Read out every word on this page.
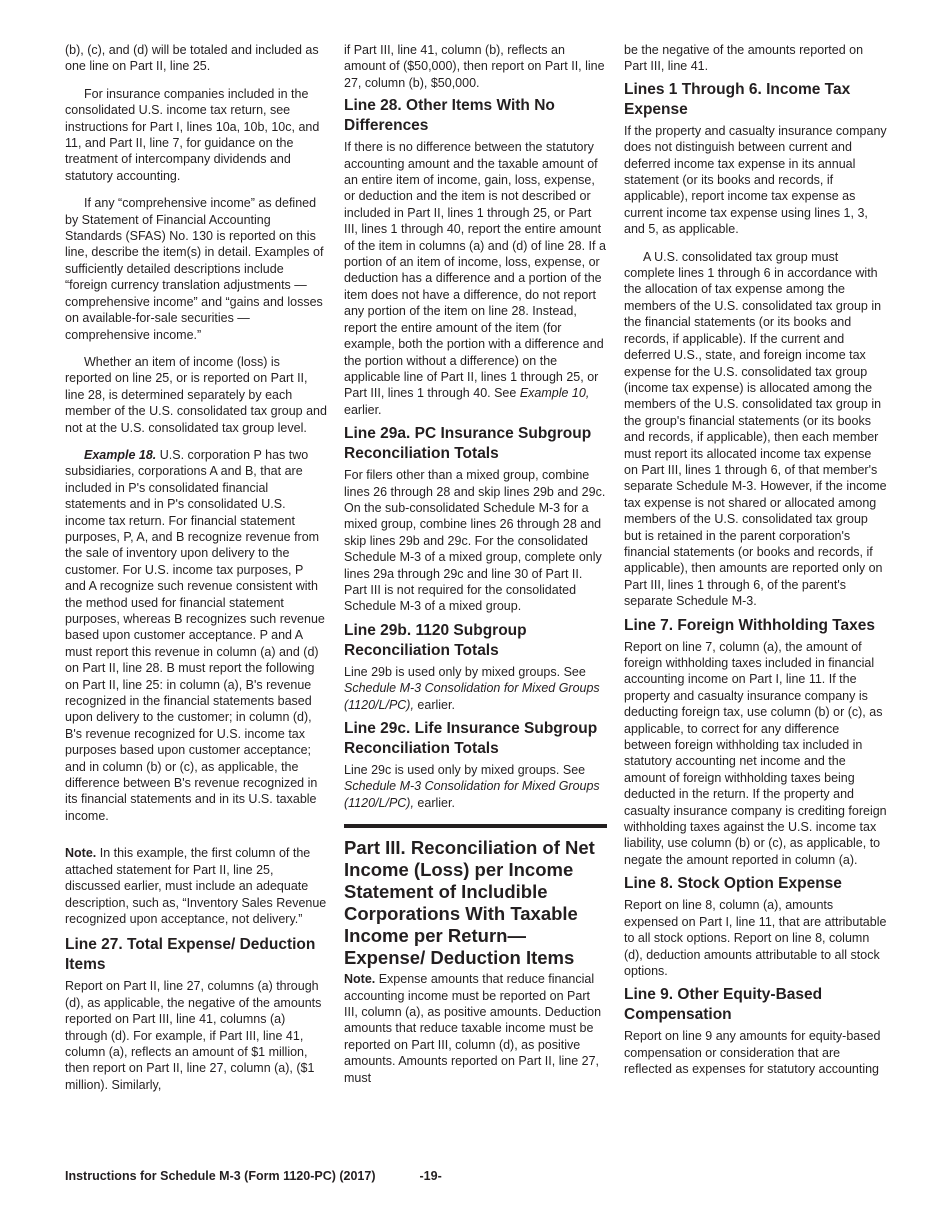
(b), (c), and (d) will be totaled and included as one line on Part II, line 25.

For insurance companies included in the consolidated U.S. income tax return, see instructions for Part I, lines 10a, 10b, 10c, and 11, and Part II, line 7, for guidance on the treatment of intercompany dividends and statutory accounting.

If any “comprehensive income” as defined by Statement of Financial Accounting Standards (SFAS) No. 130 is reported on this line, describe the item(s) in detail. Examples of sufficiently detailed descriptions include “foreign currency translation adjustments — comprehensive income” and “gains and losses on available-for-sale securities — comprehensive income.”

Whether an item of income (loss) is reported on line 25, or is reported on Part II, line 28, is determined separately by each member of the U.S. consolidated tax group and not at the U.S. consolidated tax group level.

Example 18. U.S. corporation P has two subsidiaries, corporations A and B, that are included in P's consolidated financial statements and in P's consolidated U.S. income tax return. For financial statement purposes, P, A, and B recognize revenue from the sale of inventory upon delivery to the customer. For U.S. income tax purposes, P and A recognize such revenue consistent with the method used for financial statement purposes, whereas B recognizes such revenue based upon customer acceptance. P and A must report this revenue in column (a) and (d) on Part II, line 28. B must report the following on Part II, line 25: in column (a), B's revenue recognized in the financial statements based upon delivery to the customer; in column (d), B's revenue recognized for U.S. income tax purposes based upon customer acceptance; and in column (b) or (c), as applicable, the difference between B's revenue recognized in its financial statements and in its U.S. taxable income.

Note. In this example, the first column of the attached statement for Part II, line 25, discussed earlier, must include an adequate description, such as, “Inventory Sales Revenue recognized upon acceptance, not delivery.”

Line 27. Total Expense/ Deduction Items

Report on Part II, line 27, columns (a) through (d), as applicable, the negative of the amounts reported on Part III, line 41, columns (a) through (d). For example, if Part III, line 41, column (a), reflects an amount of $1 million, then report on Part II, line 27, column (a), ($1 million). Similarly,

if Part III, line 41, column (b), reflects an amount of ($50,000), then report on Part II, line 27, column (b), $50,000.

Line 28. Other Items With No Differences

If there is no difference between the statutory accounting amount and the taxable amount of an entire item of income, gain, loss, expense, or deduction and the item is not described or included in Part II, lines 1 through 25, or Part III, lines 1 through 40, report the entire amount of the item in columns (a) and (d) of line 28. If a portion of an item of income, loss, expense, or deduction has a difference and a portion of the item does not have a difference, do not report any portion of the item on line 28. Instead, report the entire amount of the item (for example, both the portion with a difference and the portion without a difference) on the applicable line of Part II, lines 1 through 25, or Part III, lines 1 through 40. See Example 10, earlier.

Line 29a. PC Insurance Subgroup Reconciliation Totals

For filers other than a mixed group, combine lines 26 through 28 and skip lines 29b and 29c. On the sub-consolidated Schedule M-3 for a mixed group, combine lines 26 through 28 and skip lines 29b and 29c. For the consolidated Schedule M-3 of a mixed group, complete only lines 29a through 29c and line 30 of Part II. Part III is not required for the consolidated Schedule M-3 of a mixed group.

Line 29b. 1120 Subgroup Reconciliation Totals

Line 29b is used only by mixed groups. See Schedule M-3 Consolidation for Mixed Groups (1120/L/PC), earlier.

Line 29c. Life Insurance Subgroup Reconciliation Totals

Line 29c is used only by mixed groups. See Schedule M-3 Consolidation for Mixed Groups (1120/L/PC), earlier.

Part III. Reconciliation of Net Income (Loss) per Income Statement of Includible Corporations With Taxable Income per Return—Expense/ Deduction Items

Note. Expense amounts that reduce financial accounting income must be reported on Part III, column (a), as positive amounts. Deduction amounts that reduce taxable income must be reported on Part III, column (d), as positive amounts. Amounts reported on Part II, line 27, must

be the negative of the amounts reported on Part III, line 41.

Lines 1 Through 6. Income Tax Expense

If the property and casualty insurance company does not distinguish between current and deferred income tax expense in its annual statement (or its books and records, if applicable), report income tax expense as current income tax expense using lines 1, 3, and 5, as applicable.

A U.S. consolidated tax group must complete lines 1 through 6 in accordance with the allocation of tax expense among the members of the U.S. consolidated tax group in the financial statements (or its books and records, if applicable). If the current and deferred U.S., state, and foreign income tax expense for the U.S. consolidated tax group (income tax expense) is allocated among the members of the U.S. consolidated tax group in the group's financial statements (or its books and records, if applicable), then each member must report its allocated income tax expense on Part III, lines 1 through 6, of that member's separate Schedule M-3. However, if the income tax expense is not shared or allocated among members of the U.S. consolidated tax group but is retained in the parent corporation's financial statements (or books and records, if applicable), then amounts are reported only on Part III, lines 1 through 6, of the parent's separate Schedule M-3.

Line 7. Foreign Withholding Taxes

Report on line 7, column (a), the amount of foreign withholding taxes included in financial accounting income on Part I, line 11. If the property and casualty insurance company is deducting foreign tax, use column (b) or (c), as applicable, to correct for any difference between foreign withholding tax included in statutory accounting net income and the amount of foreign withholding taxes being deducted in the return. If the property and casualty insurance company is crediting foreign withholding taxes against the U.S. income tax liability, use column (b) or (c), as applicable, to negate the amount reported in column (a).

Line 8. Stock Option Expense

Report on line 8, column (a), amounts expensed on Part I, line 11, that are attributable to all stock options. Report on line 8, column (d), deduction amounts attributable to all stock options.

Line 9. Other Equity-Based Compensation

Report on line 9 any amounts for equity-based compensation or consideration that are reflected as expenses for statutory accounting

Instructions for Schedule M-3 (Form 1120-PC) (2017)	-19-
